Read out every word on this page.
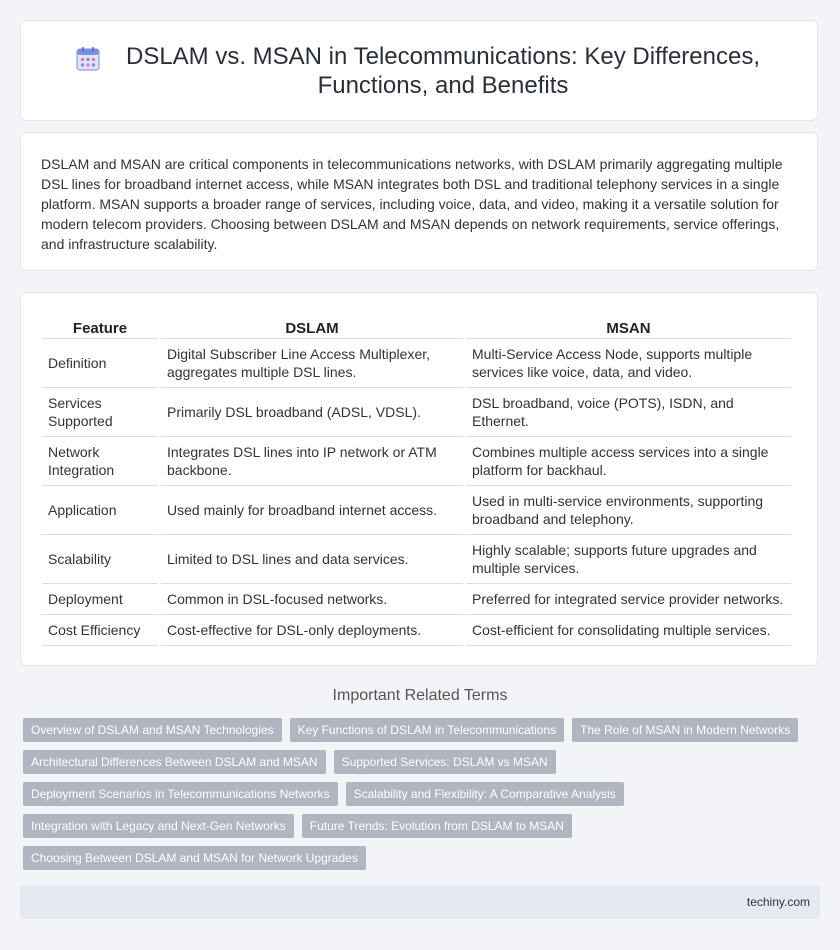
DSLAM vs. MSAN in Telecommunications: Key Differences, Functions, and Benefits

DSLAM and MSAN are critical components in telecommunications networks, with DSLAM primarily aggregating multiple DSL lines for broadband internet access, while MSAN integrates both DSL and traditional telephony services in a single platform. MSAN supports a broader range of services, including voice, data, and video, making it a versatile solution for modern telecom providers. Choosing between DSLAM and MSAN depends on network requirements, service offerings, and infrastructure scalability.

Feature	DSLAM	MSAN
Definition	Digital Subscriber Line Access Multiplexer, aggregates multiple DSL lines.	Multi-Service Access Node, supports multiple services like voice, data, and video.
Services Supported	Primarily DSL broadband (ADSL, VDSL).	DSL broadband, voice (POTS), ISDN, and Ethernet.
Network Integration	Integrates DSL lines into IP network or ATM backbone.	Combines multiple access services into a single platform for backhaul.
Application	Used mainly for broadband internet access.	Used in multi-service environments, supporting broadband and telephony.
Scalability	Limited to DSL lines and data services.	Highly scalable; supports future upgrades and multiple services.
Deployment	Common in DSL-focused networks.	Preferred for integrated service provider networks.
Cost Efficiency	Cost-effective for DSL-only deployments.	Cost-efficient for consolidating multiple services.
Important Related Terms
Overview of DSLAM and MSAN Technologies	Key Functions of DSLAM in Telecommunications	The Role of MSAN in Modern Networks
Architectural Differences Between DSLAM and MSAN	Supported Services: DSLAM vs MSAN
Deployment Scenarios in Telecommunications Networks	Scalability and Flexibility: A Comparative Analysis
Integration with Legacy and Next-Gen Networks	Future Trends: Evolution from DSLAM to MSAN
Choosing Between DSLAM and MSAN for Network Upgrades
techiny.com
